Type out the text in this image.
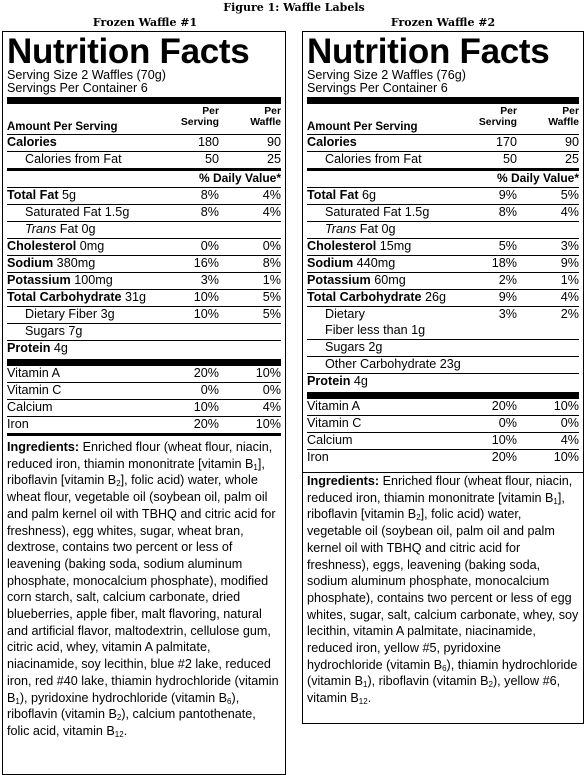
Figure 1: Waffle Labels
Frozen Waffle #1	Frozen Waffle #2
Nutrition Facts
Serving Size 2 Waffles (70g)
Servings Per Container 6
Amount Per Serving
Per
Serving
Per
Waffle
Calories	180	90
Calories from Fat	50	25
% Daily Value*
Total Fat 5g	8%	4%
Saturated Fat 1.5g	8%	4%
Trans Fat 0g
Cholesterol 0mg	0%	0%
Sodium 380mg	16%	8%
Potassium 100mg	3%	1%
Total Carbohydrate 31g	10%	5%
Dietary Fiber 3g	10%	5%
Sugars 7g
Protein 4g
Vitamin A	20%	10%
Vitamin C	0%	0%
Calcium	10%	4%
Iron	20%	10%
Ingredients: Enriched flour (wheat flour, niacin, reduced iron, thiamin mononitrate [vitamin $B_1$], riboflavin [vitamin $B_2$], folic acid) water, whole wheat flour, vegetable oil (soybean oil, palm oil and palm kernel oil with TBHQ and citric acid for freshness), egg whites, sugar, wheat bran, dextrose, contains two percent or less of leavening (baking soda, sodium aluminum phosphate, monocalcium phosphate), modified corn starch, salt, calcium carbonate, dried blueberries, apple fiber, malt flavoring, natural and artificial flavor, maltodextrin, cellulose gum, citric acid, whey, vitamin A palmitate, niacinamide, soy lecithin, blue #2 lake, reduced iron, red #40 lake, thiamin hydrochloride (vitamin $B_1$), pyridoxine hydrochloride (vitamin $B_6$), riboflavin (vitamin $B_2$), calcium pantothenate, folic acid, vitamin $B_{12}$.
Nutrition Facts
Serving Size 2 Waffles (76g)
Servings Per Container 6
Amount Per Serving
Per
Serving
Per
Waffle
Calories	170	90
Calories from Fat	50	25
% Daily Value*
Total Fat 6g	9%	5%
Saturated Fat 1.5g	8%	4%
Trans Fat 0g
Cholesterol 15mg	5%	3%
Sodium 440mg	18%	9%
Potassium 60mg	2%	1%
Total Carbohydrate 26g	9%	4%
Dietary	3%	2%
Fiber less than 1g
Sugars 2g
Other Carbohydrate 23g
Protein 4g
Vitamin A	20%	10%
Vitamin C	0%	0%
Calcium	10%	4%
Iron	20%	10%
Ingredients: Enriched flour (wheat flour, niacin, reduced iron, thiamin mononitrate [vitamin $B_1$], riboflavin [vitamin $B_2$], folic acid) water, vegetable oil (soybean oil, palm oil and palm kernel oil with TBHQ and citric acid for freshness), eggs, leavening (baking soda, sodium aluminum phosphate, monocalcium phosphate), contains two percent or less of egg whites, sugar, salt, calcium carbonate, whey, soy lecithin, vitamin A palmitate, niacinamide, reduced iron, yellow #5, pyridoxine hydrochloride (vitamin $B_6$), thiamin hydrochloride (vitamin $B_1$), riboflavin (vitamin $B_2$), yellow #6, vitamin $B_{12}$.
